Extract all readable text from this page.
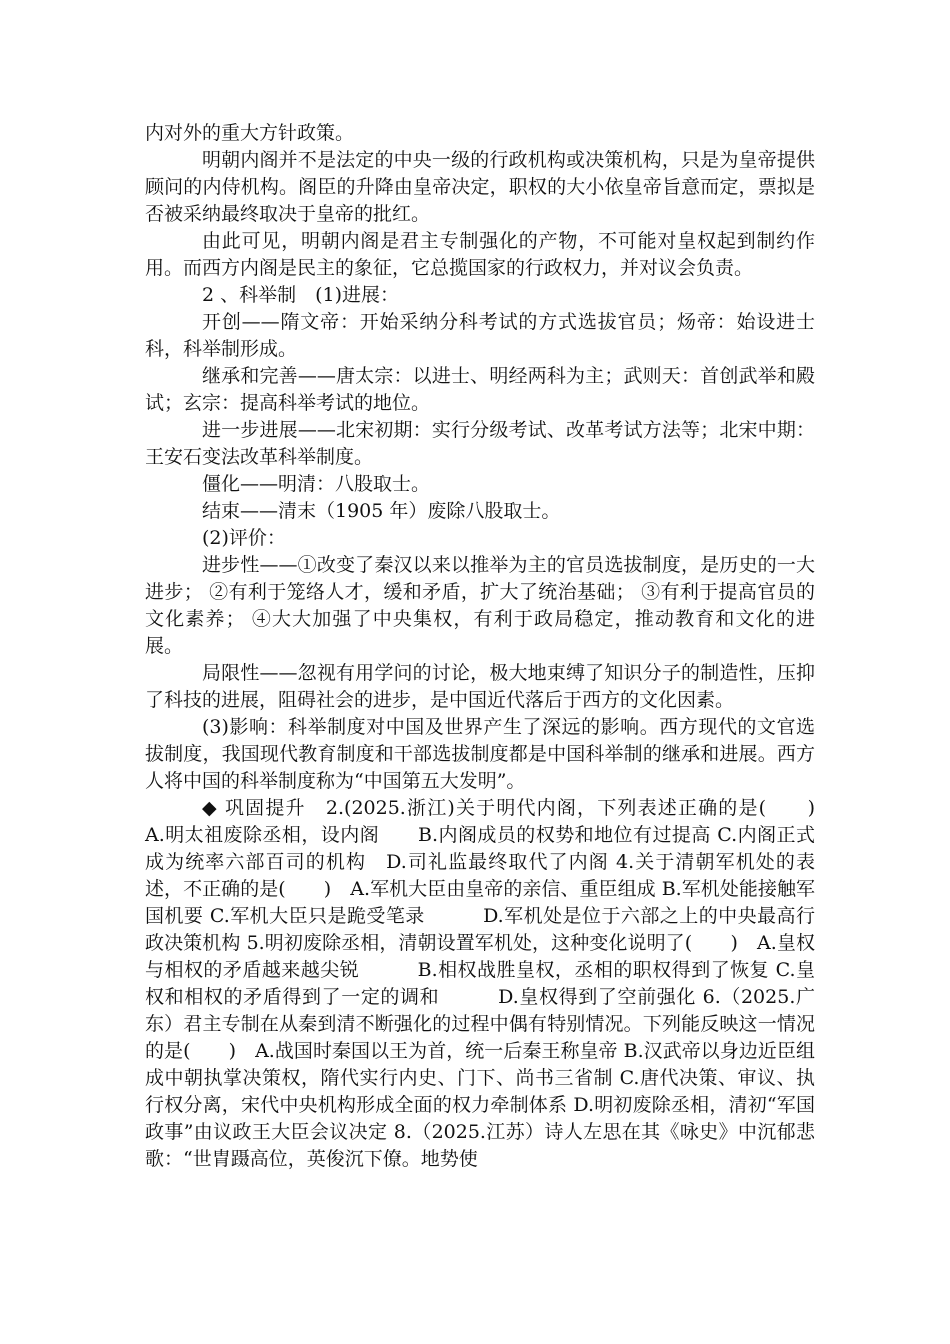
内对外的重大方针政策。

明朝内阁并不是法定的中央一级的行政机构或决策机构，只是为皇帝提供顾问的内侍机构。阁臣的升降由皇帝决定，职权的大小依皇帝旨意而定，票拟是否被采纳最终取决于皇帝的批红。

由此可见，明朝内阁是君主专制强化的产物，不可能对皇权起到制约作用。而西方内阁是民主的象征，它总揽国家的行政权力，并对议会负责。

2 、科举制　(1)进展：

开创——隋文帝：开始采纳分科考试的方式选拔官员；炀帝：始设进士科，科举制形成。

继承和完善——唐太宗：以进士、明经两科为主；武则天：首创武举和殿试；玄宗：提高科举考试的地位。

进一步进展——北宋初期：实行分级考试、改革考试方法等；北宋中期：王安石变法改革科举制度。

僵化——明清：八股取士。

结束——清末（1905 年）废除八股取士。

(2)评价：

进步性——①改变了秦汉以来以推举为主的官员选拔制度，是历史的一大进步； ②有利于笼络人才，缓和矛盾，扩大了统治基础； ③有利于提高官员的文化素养； ④大大加强了中央集权，有利于政局稳定，推动教育和文化的进展。

局限性——忽视有用学问的讨论，极大地束缚了知识分子的制造性，压抑了科技的进展，阻碍社会的进步，是中国近代落后于西方的文化因素。

(3)影响：科举制度对中国及世界产生了深远的影响。西方现代的文官选拔制度，我国现代教育制度和干部选拔制度都是中国科举制的继承和进展。西方人将中国的科举制度称为“中国第五大发明”。

◆ 巩固提升　2.(2025.浙江)关于明代内阁，下列表述正确的是(　　)　A.明太祖废除丞相，设内阁　　B.内阁成员的权势和地位有过提高 C.内阁正式成为统率六部百司的机构　D.司礼监最终取代了内阁 4.关于清朝军机处的表述，不正确的是(　　)　A.军机大臣由皇帝的亲信、重臣组成 B.军机处能接触军国机要 C.军机大臣只是跪受笔录　　　D.军机处是位于六部之上的中央最高行政决策机构 5.明初废除丞相，清朝设置军机处，这种变化说明了(　　)　A.皇权与相权的矛盾越来越尖锐　　　B.相权战胜皇权，丞相的职权得到了恢复 C.皇权和相权的矛盾得到了一定的调和　　　D.皇权得到了空前强化 6.（2025.广东）君主专制在从秦到清不断强化的过程中偶有特别情况。下列能反映这一情况的是(　　)　A.战国时秦国以王为首，统一后秦王称皇帝 B.汉武帝以身边近臣组成中朝执掌决策权，隋代实行内史、门下、尚书三省制 C.唐代决策、审议、执行权分离，宋代中央机构形成全面的权力牵制体系 D.明初废除丞相，清初“军国政事”由议政王大臣会议决定 8.（2025.江苏）诗人左思在其《咏史》中沉郁悲歌：“世胄蹑高位，英俊沉下僚。地势使
